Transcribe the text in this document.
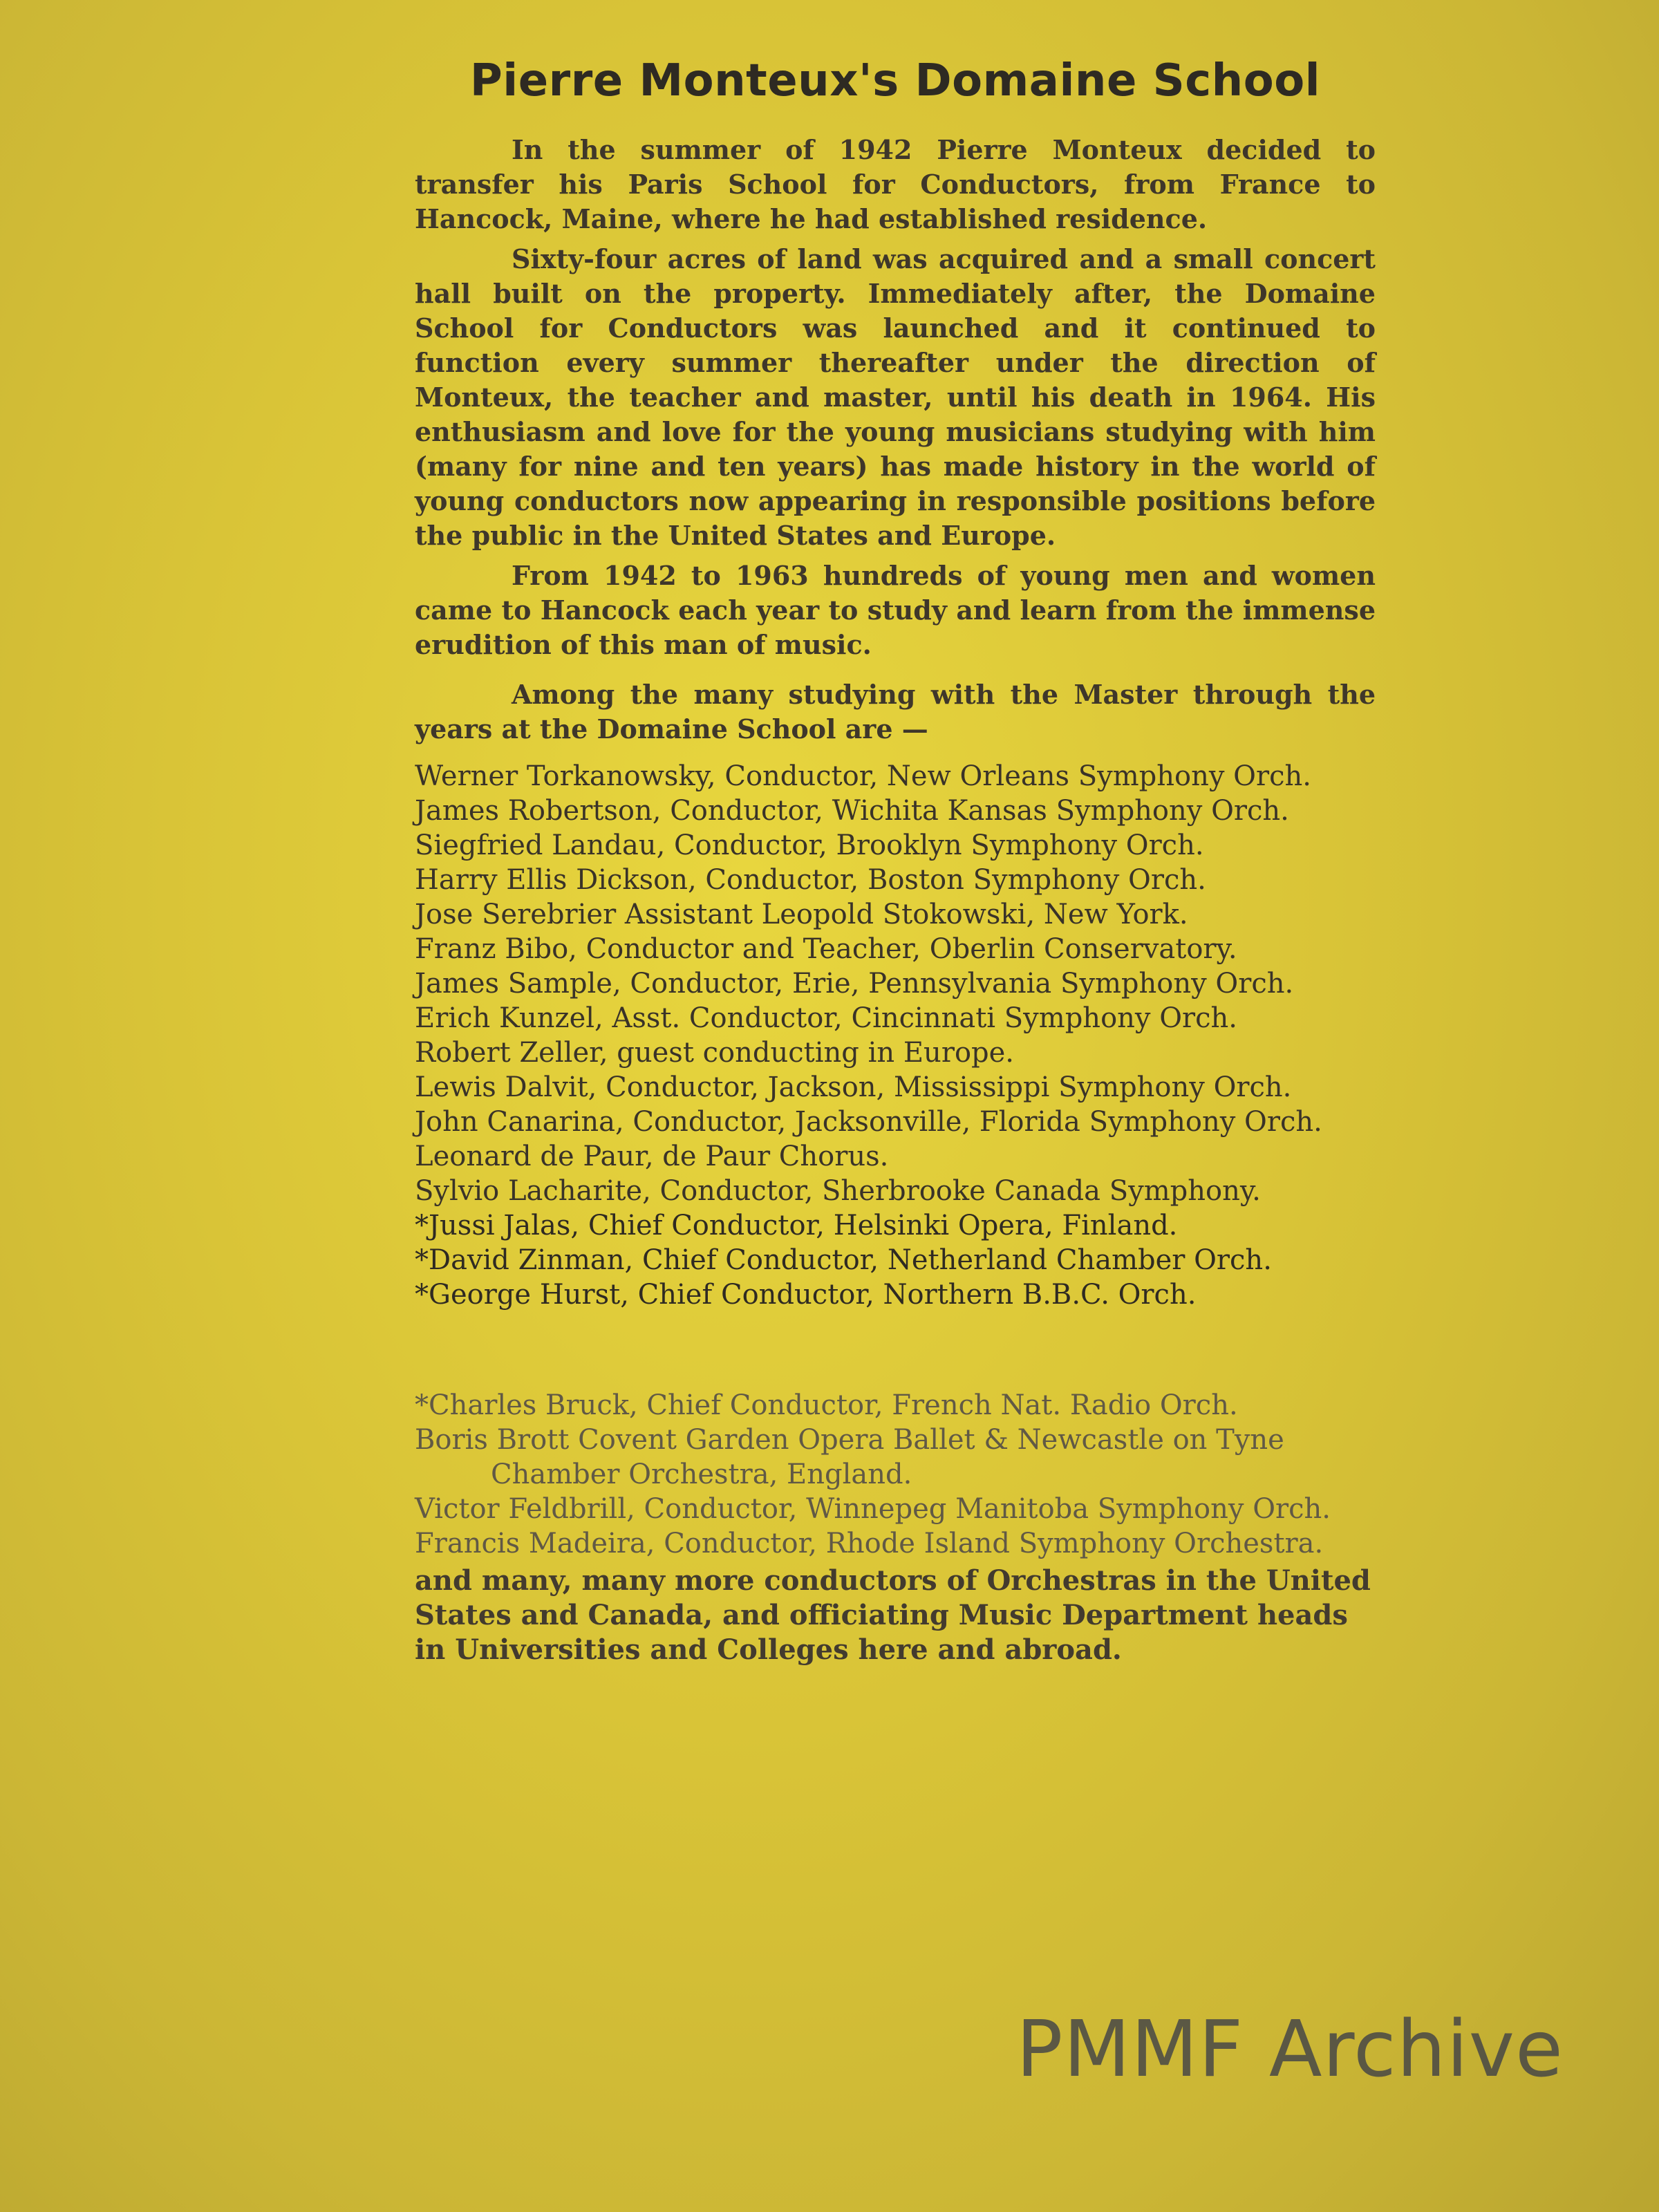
Pierre Monteux's Domaine School

In the summer of 1942 Pierre Monteux decided to transfer his Paris School for Conductors, from France to Hancock, Maine, where he had established residence.

Sixty-four acres of land was acquired and a small concert hall built on the property. Immediately after, the Domaine School for Conductors was launched and it continued to function every summer thereafter under the direction of Monteux, the teacher and master, until his death in 1964. His enthusiasm and love for the young musicians studying with him (many for nine and ten years) has made history in the world of young conductors now appearing in responsible positions before the public in the United States and Europe.

From 1942 to 1963 hundreds of young men and women came to Hancock each year to study and learn from the immense erudition of this man of music.

Among the many studying with the Master through the years at the Domaine School are —

Werner Torkanowsky, Conductor, New Orleans Symphony Orch.
James Robertson, Conductor, Wichita Kansas Symphony Orch.
Siegfried Landau, Conductor, Brooklyn Symphony Orch.
Harry Ellis Dickson, Conductor, Boston Symphony Orch.
Jose Serebrier Assistant Leopold Stokowski, New York.
Franz Bibo, Conductor and Teacher, Oberlin Conservatory.
James Sample, Conductor, Erie, Pennsylvania Symphony Orch.
Erich Kunzel, Asst. Conductor, Cincinnati Symphony Orch.
Robert Zeller, guest conducting in Europe.
Lewis Dalvit, Conductor, Jackson, Mississippi Symphony Orch.
John Canarina, Conductor, Jacksonville, Florida Symphony Orch.
Leonard de Paur, de Paur Chorus.
Sylvio Lacharite, Conductor, Sherbrooke Canada Symphony.
*Jussi Jalas, Chief Conductor, Helsinki Opera, Finland.
*David Zinman, Chief Conductor, Netherland Chamber Orch.
*George Hurst, Chief Conductor, Northern B.B.C. Orch.
*Charles Bruck, Chief Conductor, French Nat. Radio Orch.
Boris Brott Covent Garden Opera Ballet & Newcastle on Tyne Chamber Orchestra, England.
Victor Feldbrill, Conductor, Winnepeg Manitoba Symphony Orch.
Francis Madeira, Conductor, Rhode Island Symphony Orchestra.

and many, many more conductors of Orchestras in the United States and Canada, and officiating Music Department heads in Universities and Colleges here and abroad.

PMMF Archive
